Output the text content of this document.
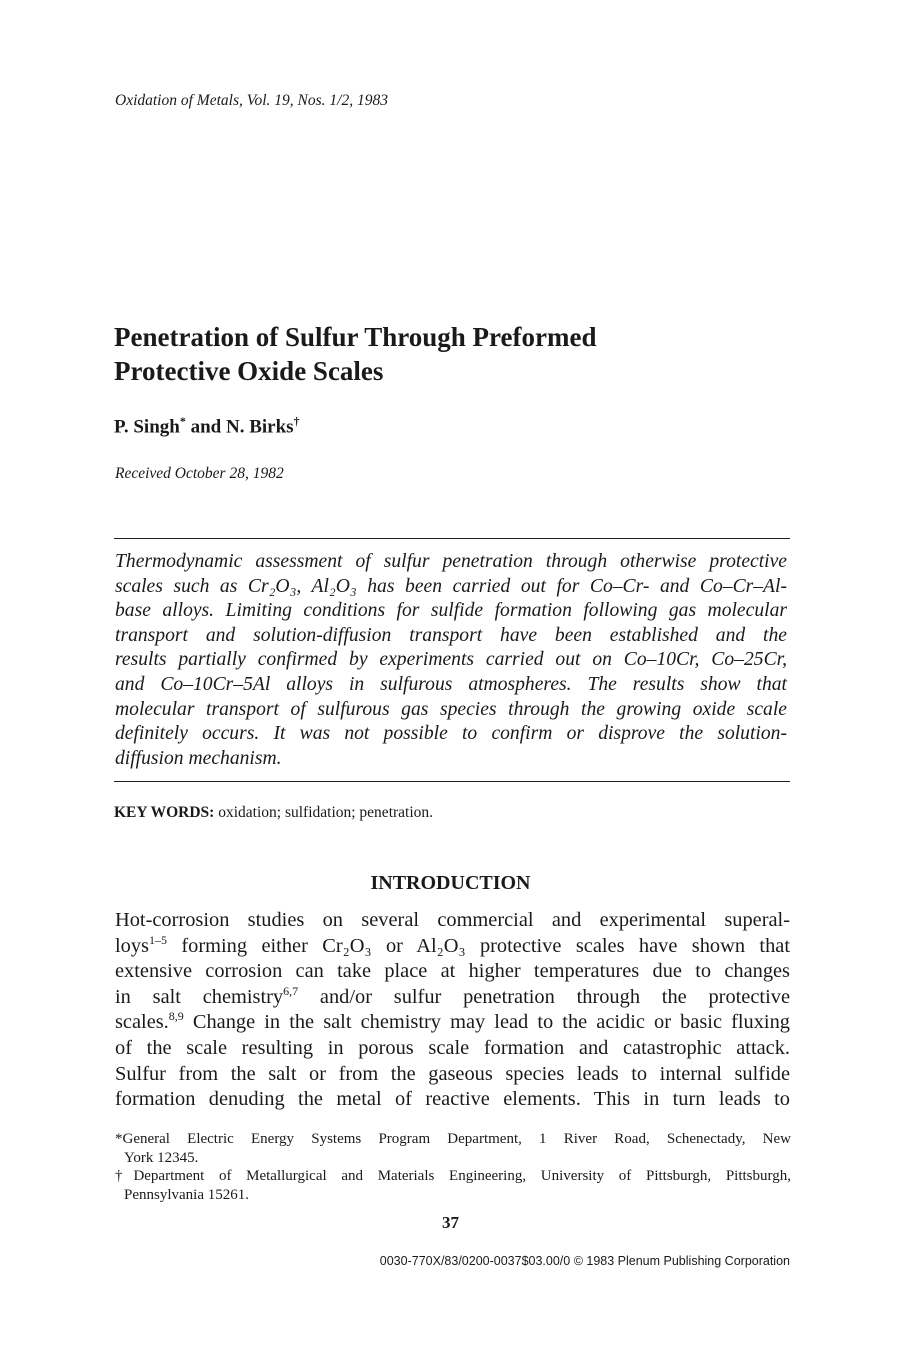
Oxidation of Metals, Vol. 19, Nos. 1/2, 1983
Penetration of Sulfur Through Preformed
Protective Oxide Scales
P. Singh* and N. Birks†
Received October 28, 1982
Thermodynamic assessment of sulfur penetration through otherwise protective
scales such as Cr₂O₃, Al₂O₃ has been carried out for Co–Cr- and Co–Cr–Al-
base alloys. Limiting conditions for sulfide formation following gas molecular
transport and solution-diffusion transport have been established and the
results partially confirmed by experiments carried out on Co–10Cr, Co–25Cr,
and Co–10Cr–5Al alloys in sulfurous atmospheres. The results show that
molecular transport of sulfurous gas species through the growing oxide scale
definitely occurs. It was not possible to confirm or disprove the solution-
diffusion mechanism.
KEY WORDS: oxidation; sulfidation; penetration.
INTRODUCTION
Hot-corrosion studies on several commercial and experimental superal-
loys$^{1-5}$ forming either Cr₂O₃ or Al₂O₃ protective scales have shown that
extensive corrosion can take place at higher temperatures due to changes
in salt chemistry$^{6,7}$ and/or sulfur penetration through the protective
scales.$^{8,9}$ Change in the salt chemistry may lead to the acidic or basic fluxing
of the scale resulting in porous scale formation and catastrophic attack.
Sulfur from the salt or from the gaseous species leads to internal sulfide
formation denuding the metal of reactive elements. This in turn leads to
*General Electric Energy Systems Program Department, 1 River Road, Schenectady, New
York 12345.
†Department of Metallurgical and Materials Engineering, University of Pittsburgh, Pittsburgh,
Pennsylvania 15261.
37
0030-770X/83/0200-0037$03.00/0 © 1983 Plenum Publishing Corporation
